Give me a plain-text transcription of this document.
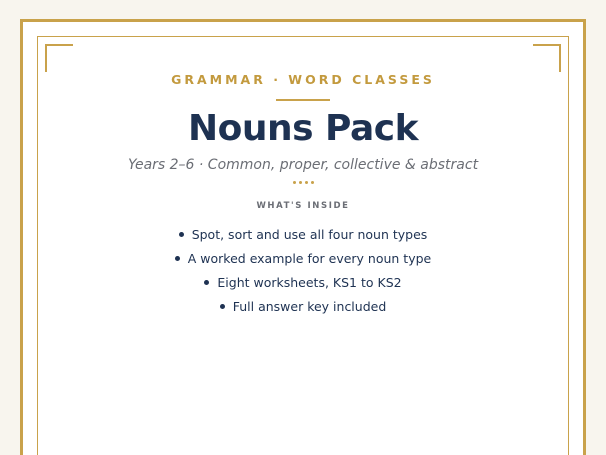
GRAMMAR · WORD CLASSES

Nouns Pack

Years 2–6 · Common, proper, collective & abstract

WHAT'S INSIDE

Spot, sort and use all four noun types
A worked example for every noun type
Eight worksheets, KS1 to KS2
Full answer key included
